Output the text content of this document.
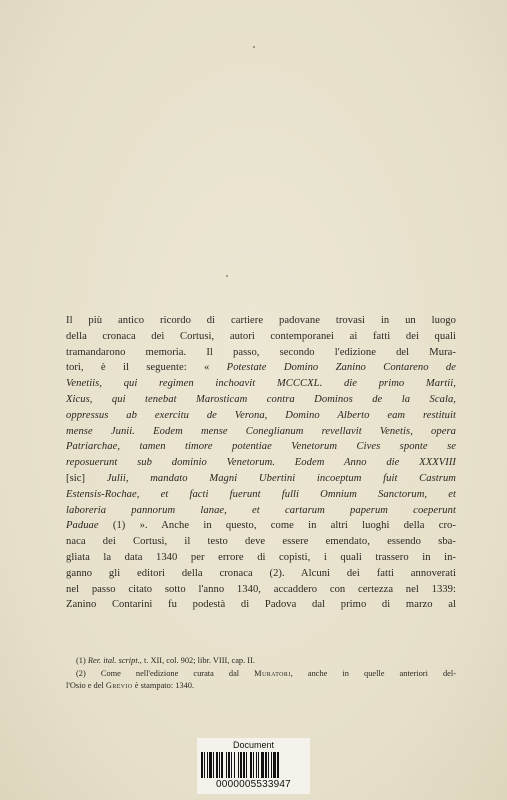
Il più antico ricordo di cartiere padovane trovasi in un luogo
della cronaca dei Cortusi, autori contemporanei ai fatti dei quali
tramandarono memoria. Il passo, secondo l'edizione del Mura-
tori, è il seguente: « Potestate Domino Zanino Contareno de
Venetiis, qui regimen inchoavit MCCCXL. die primo Martii,
Xicus, qui tenebat Marosticam contra Dominos de la Scala,
oppressus ab exercitu de Verona, Domino Alberto eam restituit
mense Junii. Eodem mense Coneglianum revellavit Venetis, opera
Patriarchae, tamen timore potentiae Venetorum Cives sponte se
reposuerunt sub dominio Venetorum. Eodem Anno die XXXVIII
[sic] Julii, mandato Magni Ubertini incoeptum fuit Castrum
Estensis-Rochae, et facti fuerunt fulli Omnium Sanctorum, et
laboreria pannorum lanae, et cartarum paperum coeperunt
Paduae (1) ». Anche in questo, come in altri luoghi della cro-
naca dei Cortusi, il testo deve essere emendato, essendo sba-
gliata la data 1340 per errore di copisti, i quali trassero in in-
ganno gli editori della cronaca (2). Alcuni dei fatti annoverati
nel passo citato sotto l'anno 1340, accaddero con certezza nel 1339:
Zanino Contarini fu podestà di Padova dal primo di marzo al
(1) Rer. ital. script., t. XII, col. 902; libr. VIII, cap. II.
(2) Come nell'edizione curata dal Muratori, anche in quelle anteriori del-
l'Osio e del Grevio è stampato: 1340.
Document
0000005533947
